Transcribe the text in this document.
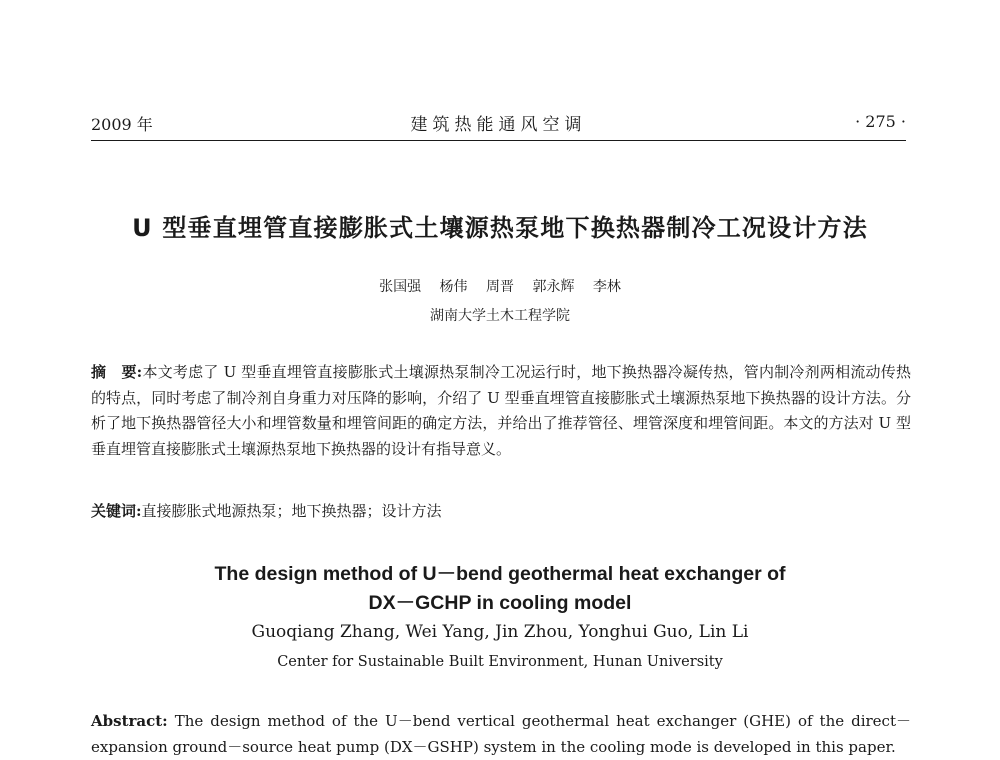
2009 年	建筑热能通风空调	· 275 ·
U 型垂直埋管直接膨胀式土壤源热泵地下换热器制冷工况设计方法
张国强 杨伟 周晋 郭永辉 李林
湖南大学土木工程学院
摘　要:本文考虑了 U 型垂直埋管直接膨胀式土壤源热泵制冷工况运行时，地下换热器冷凝传热，管内制冷剂两相流动传热的特点，同时考虑了制冷剂自身重力对压降的影响，介绍了 U 型垂直埋管直接膨胀式土壤源热泵地下换热器的设计方法。分析了地下换热器管径大小和埋管数量和埋管间距的确定方法，并给出了推荐管径、埋管深度和埋管间距。本文的方法对 U 型垂直埋管直接膨胀式土壤源热泵地下换热器的设计有指导意义。
关键词:直接膨胀式地源热泵；地下换热器；设计方法
The design method of U－bend geothermal heat exchanger of
DX－GCHP in cooling model
Guoqiang Zhang, Wei Yang, Jin Zhou, Yonghui Guo, Lin Li
Center for Sustainable Built Environment, Hunan University
Abstract: The design method of the U－bend vertical geothermal heat exchanger (GHE) of the direct－expansion ground－source heat pump (DX－GSHP) system in the cooling mode is developed in this paper.
